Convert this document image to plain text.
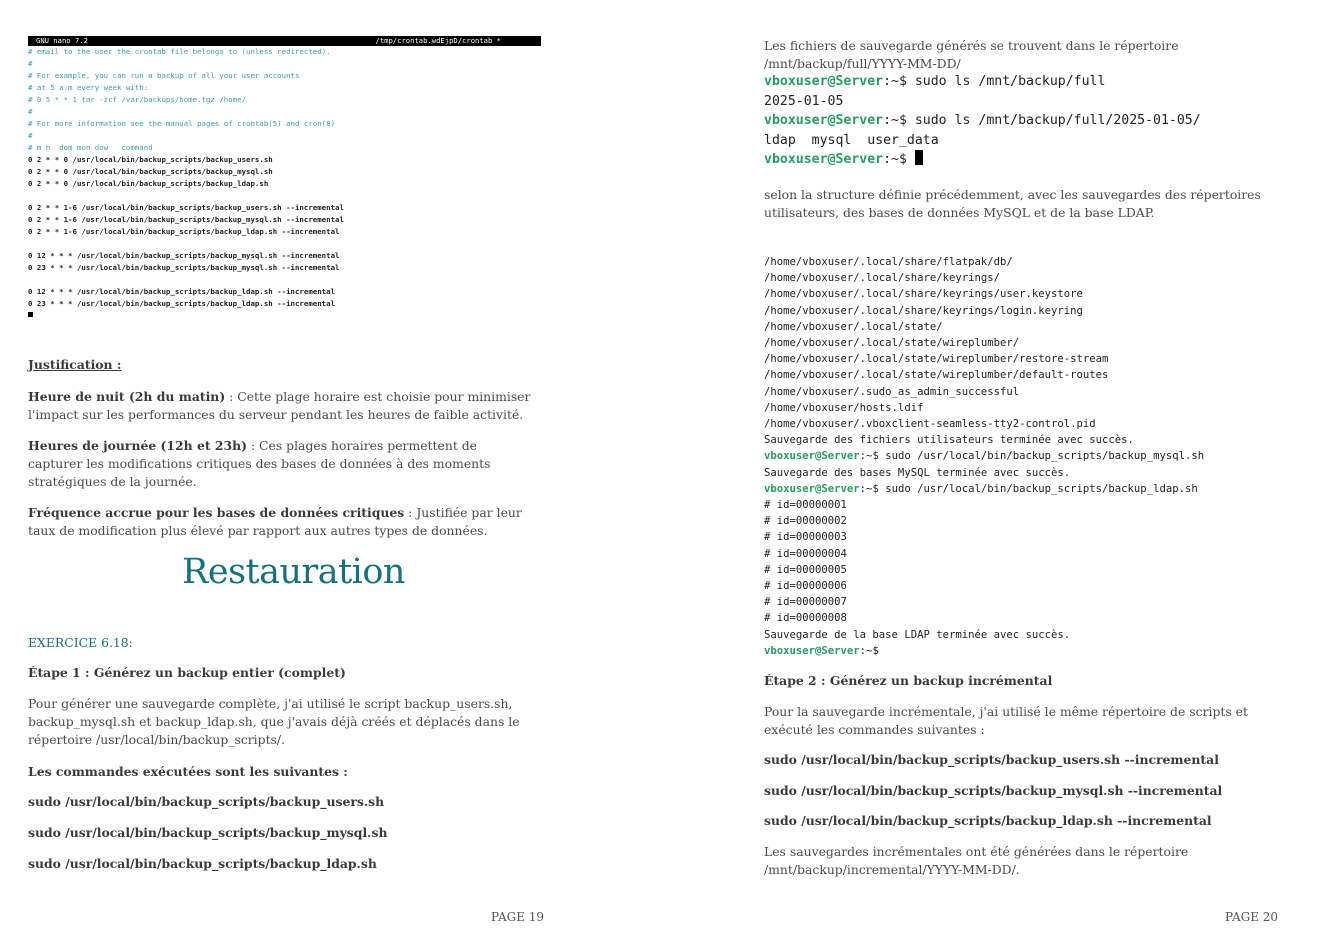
GNU nano 7.2	/tmp/crontab.wdEjpD/crontab *
# email to the user the crontab file belongs to (unless redirected).
#
# For example, you can run a backup of all your user accounts
# at 5 a.m every week with:
# 0 5 * * 1 tar -zcf /var/backups/home.tgz /home/
#
# For more information see the manual pages of crontab(5) and cron(8)
#
# m h  dom mon dow   command
0 2 * * 0 /usr/local/bin/backup_scripts/backup_users.sh
0 2 * * 0 /usr/local/bin/backup_scripts/backup_mysql.sh
0 2 * * 0 /usr/local/bin/backup_scripts/backup_ldap.sh
0 2 * * 1-6 /usr/local/bin/backup_scripts/backup_users.sh --incremental
0 2 * * 1-6 /usr/local/bin/backup_scripts/backup_mysql.sh --incremental
0 2 * * 1-6 /usr/local/bin/backup_scripts/backup_ldap.sh --incremental
0 12 * * * /usr/local/bin/backup_scripts/backup_mysql.sh --incremental
0 23 * * * /usr/local/bin/backup_scripts/backup_mysql.sh --incremental
0 12 * * * /usr/local/bin/backup_scripts/backup_ldap.sh --incremental
0 23 * * * /usr/local/bin/backup_scripts/backup_ldap.sh --incremental
Justification :
Heure de nuit (2h du matin) : Cette plage horaire est choisie pour minimiser l'impact sur les performances du serveur pendant les heures de faible activité.
Heures de journée (12h et 23h) : Ces plages horaires permettent de capturer les modifications critiques des bases de données à des moments stratégiques de la journée.
Fréquence accrue pour les bases de données critiques : Justifiée par leur taux de modification plus élevé par rapport aux autres types de données.
Restauration
EXERCICE 6.18:
Étape 1 : Générez un backup entier (complet)
Pour générer une sauvegarde complète, j'ai utilisé le script backup_users.sh, backup_mysql.sh et backup_ldap.sh, que j'avais déjà créés et déplacés dans le répertoire /usr/local/bin/backup_scripts/.
Les commandes exécutées sont les suivantes :
sudo /usr/local/bin/backup_scripts/backup_users.sh
sudo /usr/local/bin/backup_scripts/backup_mysql.sh
sudo /usr/local/bin/backup_scripts/backup_ldap.sh
PAGE 19
Les fichiers de sauvegarde générés se trouvent dans le répertoire /mnt/backup/full/YYYY-MM-DD/
vboxuser@Server:~$ sudo ls /mnt/backup/full
2025-01-05
vboxuser@Server:~$ sudo ls /mnt/backup/full/2025-01-05/
ldap  mysql  user_data
vboxuser@Server:~$
selon la structure définie précédemment, avec les sauvegardes des répertoires utilisateurs, des bases de données MySQL et de la base LDAP.
/home/vboxuser/.local/share/flatpak/db/
/home/vboxuser/.local/share/keyrings/
/home/vboxuser/.local/share/keyrings/user.keystore
/home/vboxuser/.local/share/keyrings/login.keyring
/home/vboxuser/.local/state/
/home/vboxuser/.local/state/wireplumber/
/home/vboxuser/.local/state/wireplumber/restore-stream
/home/vboxuser/.local/state/wireplumber/default-routes
/home/vboxuser/.sudo_as_admin_successful
/home/vboxuser/hosts.ldif
/home/vboxuser/.vboxclient-seamless-tty2-control.pid
Sauvegarde des fichiers utilisateurs terminée avec succès.
vboxuser@Server:~$ sudo /usr/local/bin/backup_scripts/backup_mysql.sh
Sauvegarde des bases MySQL terminée avec succès.
vboxuser@Server:~$ sudo /usr/local/bin/backup_scripts/backup_ldap.sh
# id=00000001
# id=00000002
# id=00000003
# id=00000004
# id=00000005
# id=00000006
# id=00000007
# id=00000008
Sauvegarde de la base LDAP terminée avec succès.
vboxuser@Server:~$
Étape 2 : Générez un backup incrémental
Pour la sauvegarde incrémentale, j'ai utilisé le même répertoire de scripts et exécuté les commandes suivantes :
sudo /usr/local/bin/backup_scripts/backup_users.sh --incremental
sudo /usr/local/bin/backup_scripts/backup_mysql.sh --incremental
sudo /usr/local/bin/backup_scripts/backup_ldap.sh --incremental
Les sauvegardes incrémentales ont été générées dans le répertoire /mnt/backup/incremental/YYYY-MM-DD/.
PAGE 20
